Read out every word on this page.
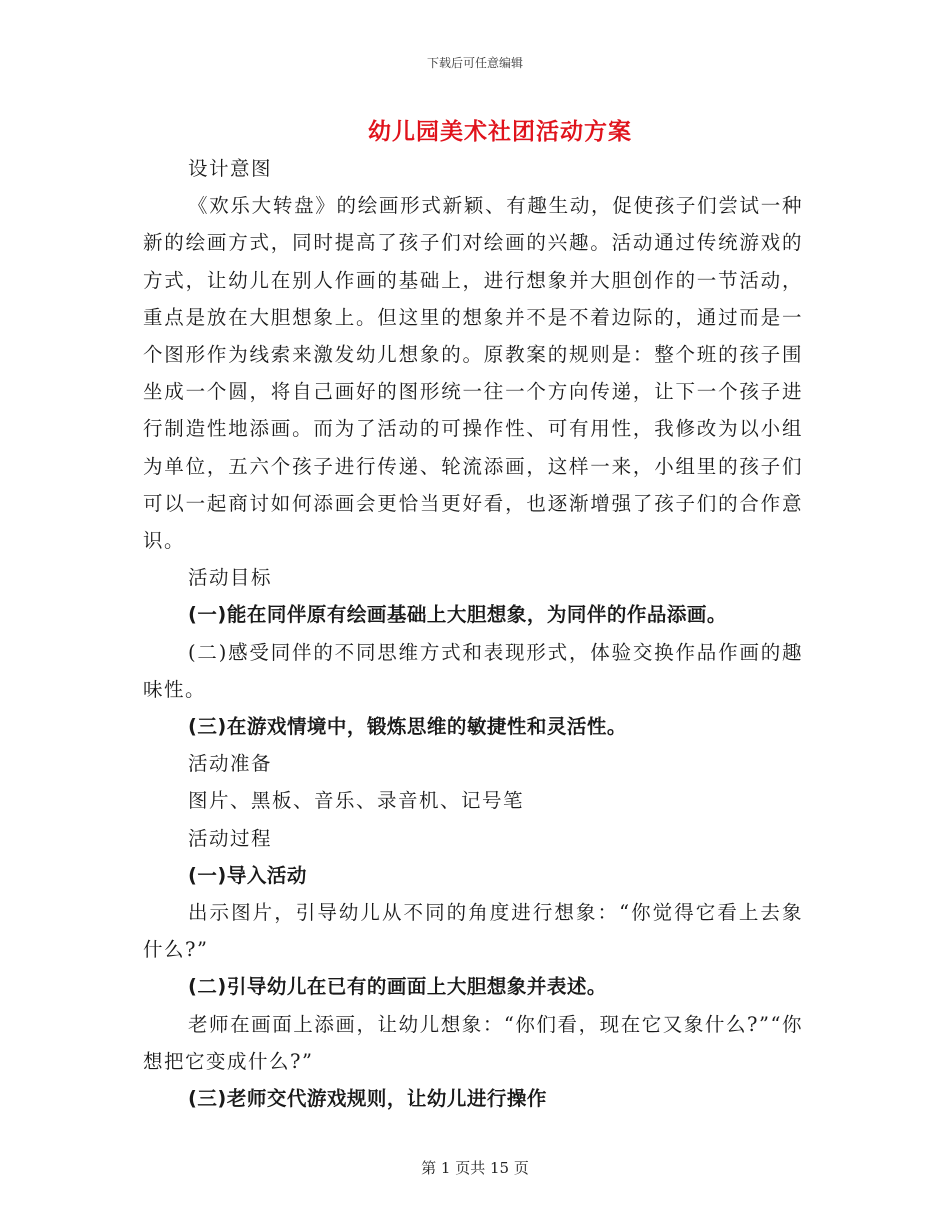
下载后可任意编辑
幼儿园美术社团活动方案

设计意图

《欢乐大转盘》的绘画形式新颖、有趣生动，促使孩子们尝试一种新的绘画方式，同时提高了孩子们对绘画的兴趣。活动通过传统游戏的方式，让幼儿在别人作画的基础上，进行想象并大胆创作的一节活动，重点是放在大胆想象上。但这里的想象并不是不着边际的，通过而是一个图形作为线索来激发幼儿想象的。原教案的规则是：整个班的孩子围坐成一个圆，将自己画好的图形统一往一个方向传递，让下一个孩子进行制造性地添画。而为了活动的可操作性、可有用性，我修改为以小组为单位，五六个孩子进行传递、轮流添画，这样一来，小组里的孩子们可以一起商讨如何添画会更恰当更好看，也逐渐增强了孩子们的合作意识。

活动目标

(一)能在同伴原有绘画基础上大胆想象，为同伴的作品添画。

(二)感受同伴的不同思维方式和表现形式，体验交换作品作画的趣味性。

(三)在游戏情境中，锻炼思维的敏捷性和灵活性。

活动准备

图片、黑板、音乐、录音机、记号笔

活动过程

(一)导入活动

出示图片，引导幼儿从不同的角度进行想象：“你觉得它看上去象什么?”

(二)引导幼儿在已有的画面上大胆想象并表述。

老师在画面上添画，让幼儿想象：“你们看，现在它又象什么?”“你想把它变成什么?”

(三)老师交代游戏规则，让幼儿进行操作

第 1 页共 15 页
